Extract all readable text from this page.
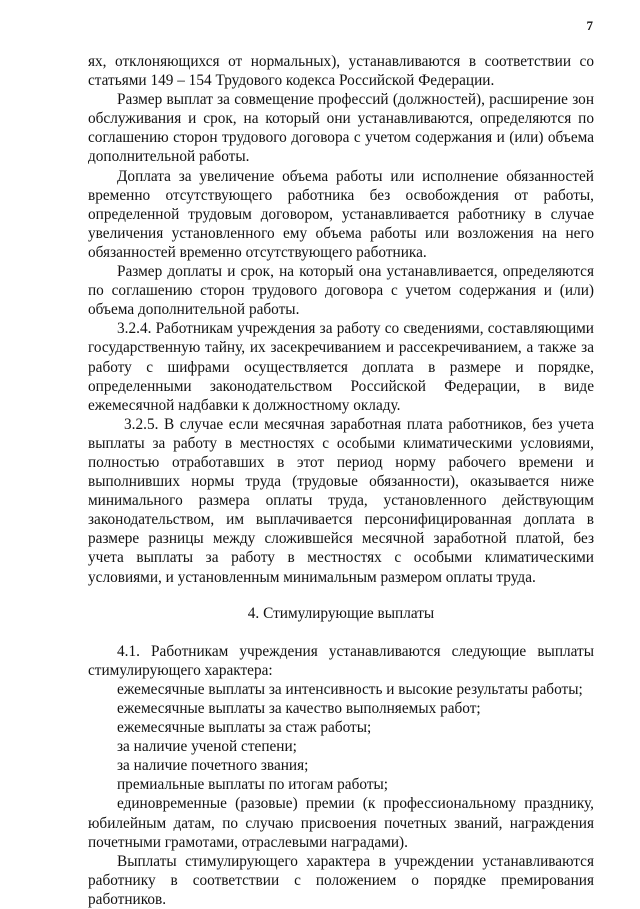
7

ях, отклоняющихся от нормальных), устанавливаются в соответствии со статьями 149 – 154 Трудового кодекса Российской Федерации.

Размер выплат за совмещение профессий (должностей), расширение зон обслуживания и срок, на который они устанавливаются, определяются по соглашению сторон трудового договора с учетом содержания и (или) объема дополнительной работы.

Доплата за увеличение объема работы или исполнение обязанностей временно отсутствующего работника без освобождения от работы, определенной трудовым договором, устанавливается работнику в случае увеличения установленного ему объема работы или возложения на него обязанностей временно отсутствующего работника.

Размер доплаты и срок, на который она устанавливается, определяются по соглашению сторон трудового договора с учетом содержания и (или) объема дополнительной работы.

3.2.4. Работникам учреждения за работу со сведениями, составляющими государственную тайну, их засекречиванием и рассекречиванием, а также за работу с шифрами осуществляется доплата в размере и порядке, определенными законодательством Российской Федерации, в виде ежемесячной надбавки к должностному окладу.

3.2.5. В случае если месячная заработная плата работников, без учета выплаты за работу в местностях с особыми климатическими условиями, полностью отработавших в этот период норму рабочего времени и выполнивших нормы труда (трудовые обязанности), оказывается ниже минимального размера оплаты труда, установленного действующим законодательством, им выплачивается персонифицированная доплата в размере разницы между сложившейся месячной заработной платой, без учета выплаты за работу в местностях с особыми климатическими условиями, и установленным минимальным размером оплаты труда.

4. Стимулирующие выплаты

4.1. Работникам учреждения устанавливаются следующие выплаты стимулирующего характера:

ежемесячные выплаты за интенсивность и высокие результаты работы;
ежемесячные выплаты за качество выполняемых работ;
ежемесячные выплаты за стаж работы;
за наличие ученой степени;
за наличие почетного звания;
премиальные выплаты по итогам работы;
единовременные (разовые) премии (к профессиональному празднику, юбилейным датам, по случаю присвоения почетных званий, награждения почетными грамотами, отраслевыми наградами).

Выплаты стимулирующего характера в учреждении устанавливаются работнику в соответствии с положением о порядке премирования работников.
